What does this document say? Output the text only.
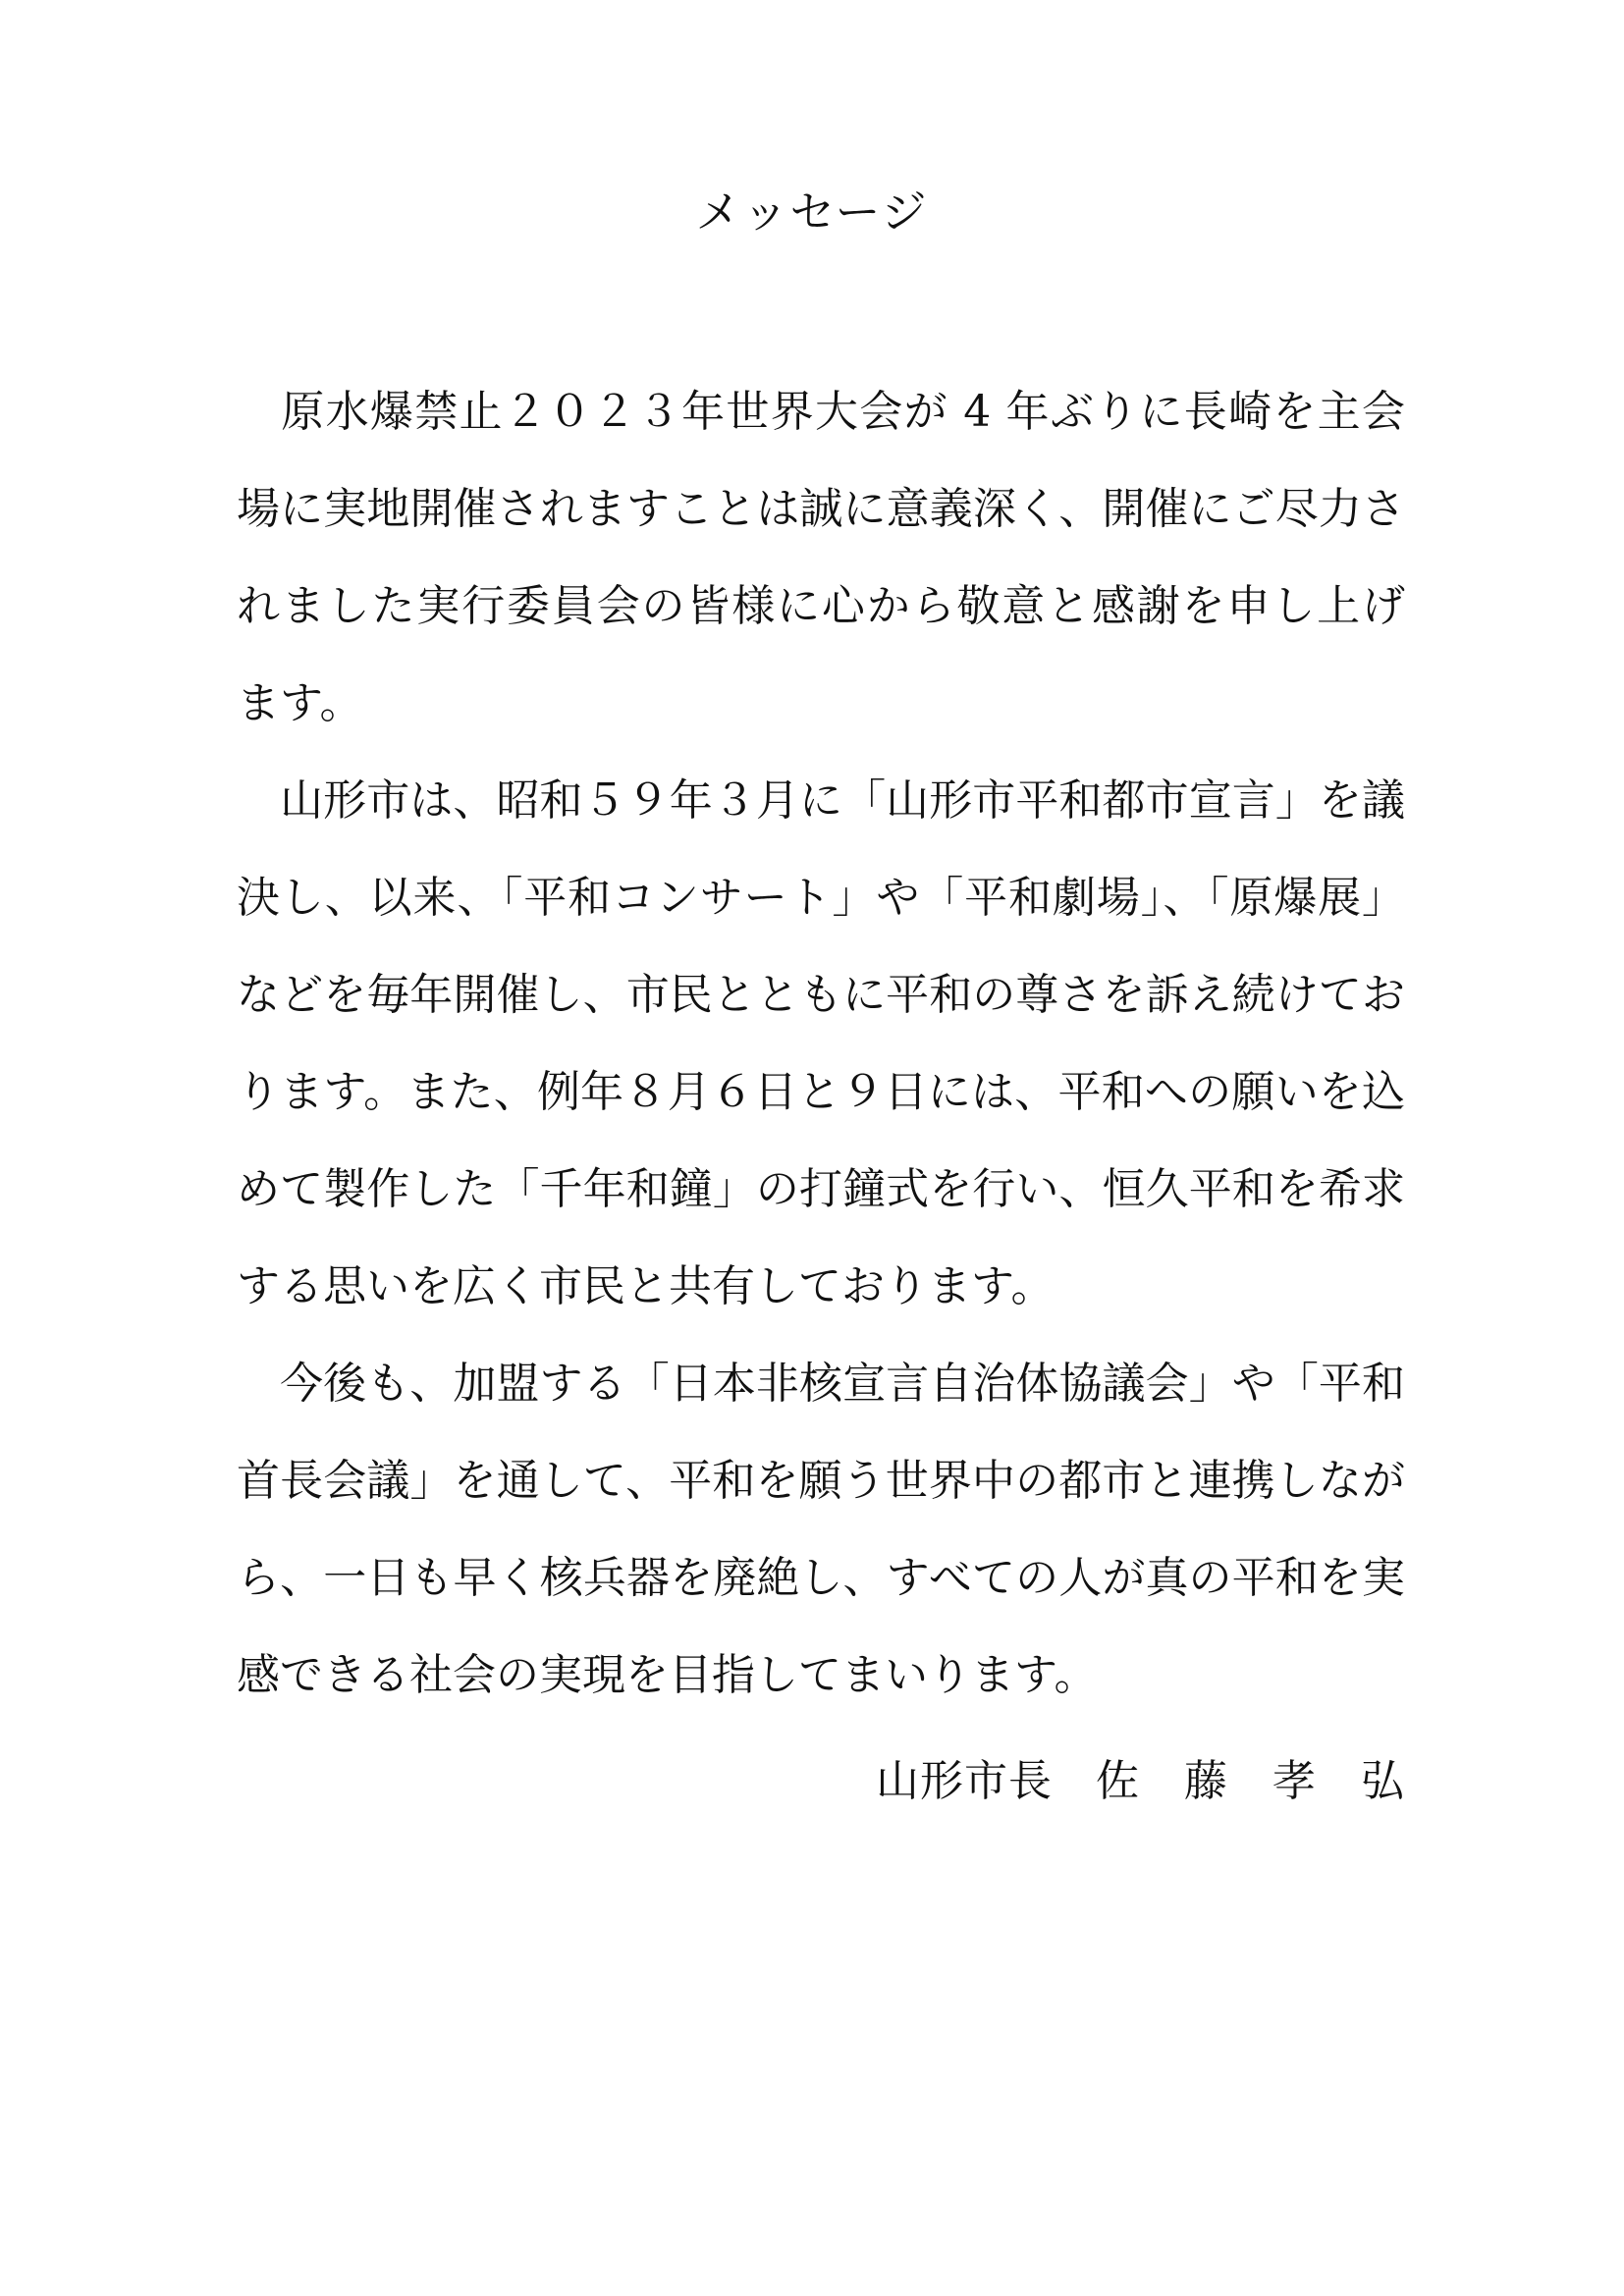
メッセージ

　原水爆禁止２０２３年世界大会が 4 年ぶりに長崎を主会
場に実地開催されますことは誠に意義深く、開催にご尽力さ
れました実行委員会の皆様に心から敬意と感謝を申し上げ
ます。

　山形市は、昭和５９年３月に「山形市平和都市宣言」を議
決し、以来、「平和コンサート」や「平和劇場」、「原爆展」
などを毎年開催し、市民とともに平和の尊さを訴え続けてお
ります。また、例年８月６日と９日には、平和への願いを込
めて製作した「千年和鐘」の打鐘式を行い、恒久平和を希求
する思いを広く市民と共有しております。

　今後も、加盟する「日本非核宣言自治体協議会」や「平和
首長会議」を通して、平和を願う世界中の都市と連携しなが
ら、一日も早く核兵器を廃絶し、すべての人が真の平和を実
感できる社会の実現を目指してまいります。

山形市長 佐　藤　孝　弘
